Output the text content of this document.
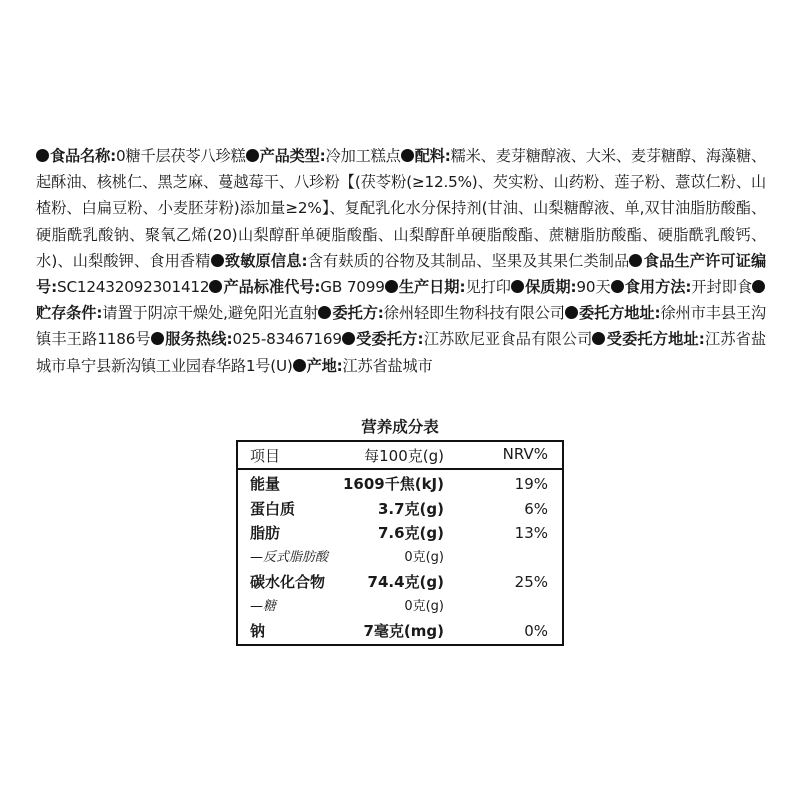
食品名称:0糖千层茯苓八珍糕 产品类型:冷加工糕点 配料:糯米、麦芽糖醇液、大米、麦芽糖醇、海藻糖、起酥油、核桃仁、黑芝麻、蔓越莓干、八珍粉【(茯苓粉(≥12.5%)、芡实粉、山药粉、莲子粉、薏苡仁粉、山楂粉、白扁豆粉、小麦胚芽粉)添加量≥2%】、复配乳化水分保持剂(甘油、山梨糖醇液、单,双甘油脂肪酸酯、硬脂酰乳酸钠、聚氧乙烯(20)山梨醇酐单硬脂酸酯、山梨醇酐单硬脂酸酯、蔗糖脂肪酸酯、硬脂酰乳酸钙、水)、山梨酸钾、食用香精 致敏原信息:含有麸质的谷物及其制品、坚果及其果仁类制品 食品生产许可证编号:SC12432092301412 产品标准代号:GB 7099 生产日期:见打印 保质期:90天 食用方法:开封即食贮存条件:请置于阴凉干燥处,避免阳光直射 委托方:徐州轻即生物科技有限公司 委托方地址:徐州市丰县王沟镇丰王路1186号 服务热线:025-83467169 受委托方:江苏欧尼亚食品有限公司 受委托方地址:江苏省盐城市阜宁县新沟镇工业园春华路1号(U) 产地:江苏省盐城市
营养成分表
项目	每100克(g)	NRV%
能量	1609千焦(kJ)	19%
蛋白质	3.7克(g)	6%
脂肪	7.6克(g)	13%
—反式脂肪酸	0克(g)
碳水化合物	74.4克(g)	25%
—糖	0克(g)
钠	7毫克(mg)	0%
